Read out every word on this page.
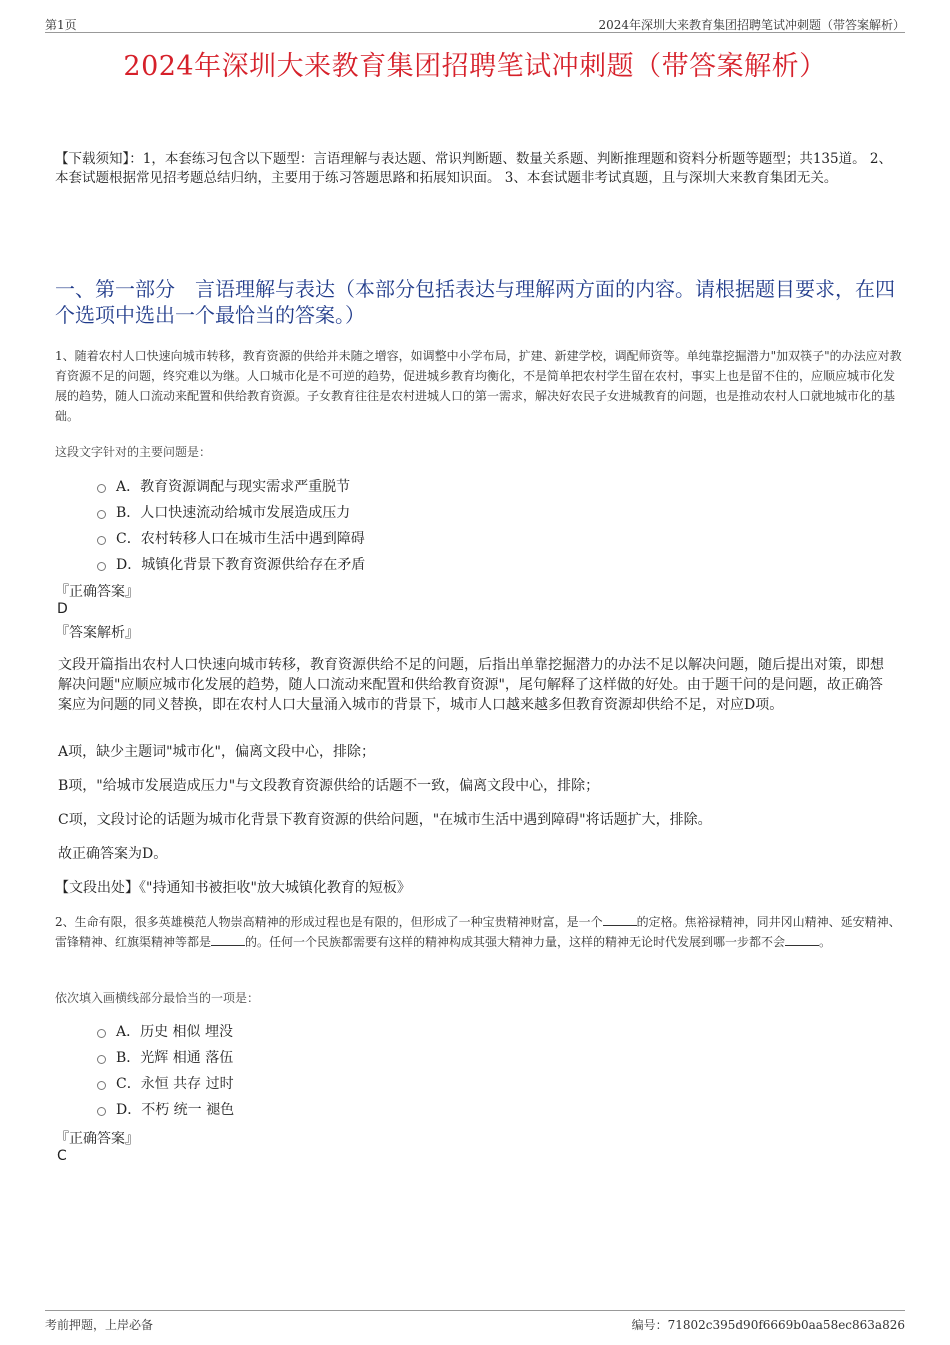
第1页	2024年深圳大来教育集团招聘笔试冲刺题（带答案解析）
2024年深圳大来教育集团招聘笔试冲刺题（带答案解析）
【下载须知】：1，本套练习包含以下题型：言语理解与表达题、常识判断题、数量关系题、判断推理题和资料分析题等题型；共135道。 2、本套试题根据常见招考题总结归纳，主要用于练习答题思路和拓展知识面。 3、本套试题非考试真题，且与深圳大来教育集团无关。
一、第一部分　言语理解与表达（本部分包括表达与理解两方面的内容。请根据题目要求，在四个选项中选出一个最恰当的答案。）
1、随着农村人口快速向城市转移，教育资源的供给并未随之增容，如调整中小学布局，扩建、新建学校，调配师资等。单纯靠挖掘潜力"加双筷子"的办法应对教育资源不足的问题，终究难以为继。人口城市化是不可逆的趋势，促进城乡教育均衡化，不是简单把农村学生留在农村，事实上也是留不住的，应顺应城市化发展的趋势，随人口流动来配置和供给教育资源。子女教育往往是农村进城人口的第一需求，解决好农民子女进城教育的问题，也是推动农村人口就地城市化的基础。
这段文字针对的主要问题是：
A．教育资源调配与现实需求严重脱节
B．人口快速流动给城市发展造成压力
C．农村转移人口在城市生活中遇到障碍
D．城镇化背景下教育资源供给存在矛盾
『正确答案』
D
『答案解析』
文段开篇指出农村人口快速向城市转移，教育资源供给不足的问题，后指出单靠挖掘潜力的办法不足以解决问题，随后提出对策，即想解决问题"应顺应城市化发展的趋势，随人口流动来配置和供给教育资源"，尾句解释了这样做的好处。由于题干问的是问题，故正确答案应为问题的同义替换，即在农村人口大量涌入城市的背景下，城市人口越来越多但教育资源却供给不足，对应D项。
A项，缺少主题词"城市化"，偏离文段中心，排除；
B项，"给城市发展造成压力"与文段教育资源供给的话题不一致，偏离文段中心，排除；
C项，文段讨论的话题为城市化背景下教育资源的供给问题，"在城市生活中遇到障碍"将话题扩大，排除。
故正确答案为D。
【文段出处】《"持通知书被拒收"放大城镇化教育的短板》
2、生命有限，很多英雄模范人物崇高精神的形成过程也是有限的，但形成了一种宝贵精神财富，是一个	的定格。焦裕禄精神，同井冈山精神、延安精神、雷锋精神、红旗渠精神等都是	的。任何一个民族都需要有这样的精神构成其强大精神力量，这样的精神无论时代发展到哪一步都不会	。
依次填入画横线部分最恰当的一项是：
A．历史 相似 埋没
B．光辉 相通 落伍
C．永恒 共存 过时
D．不朽 统一 褪色
『正确答案』
C
考前押题，上岸必备	编号：71802c395d90f6669b0aa58ec863a826
